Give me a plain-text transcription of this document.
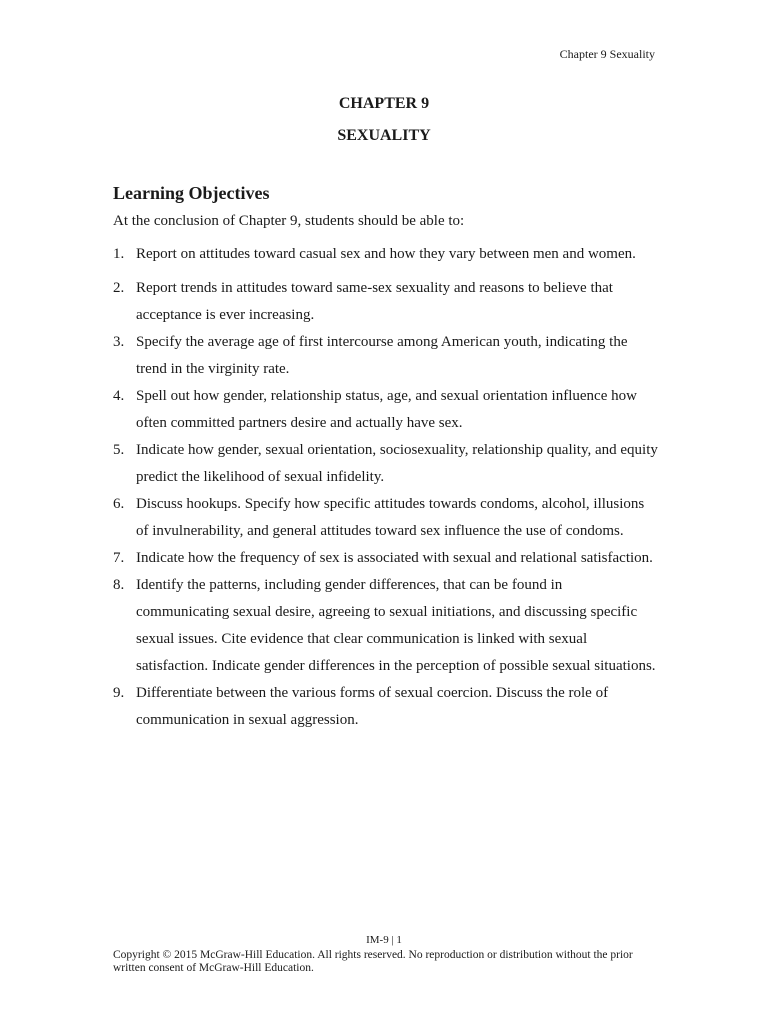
Chapter 9 Sexuality
CHAPTER 9
SEXUALITY
Learning Objectives
At the conclusion of Chapter 9, students should be able to:
1. Report on attitudes toward casual sex and how they vary between men and women.
2. Report trends in attitudes toward same-sex sexuality and reasons to believe that acceptance is ever increasing.
3. Specify the average age of first intercourse among American youth, indicating the trend in the virginity rate.
4. Spell out how gender, relationship status, age, and sexual orientation influence how often committed partners desire and actually have sex.
5. Indicate how gender, sexual orientation, sociosexuality, relationship quality, and equity predict the likelihood of sexual infidelity.
6. Discuss hookups. Specify how specific attitudes towards condoms, alcohol, illusions of invulnerability, and general attitudes toward sex influence the use of condoms.
7. Indicate how the frequency of sex is associated with sexual and relational satisfaction.
8. Identify the patterns, including gender differences, that can be found in communicating sexual desire, agreeing to sexual initiations, and discussing specific sexual issues. Cite evidence that clear communication is linked with sexual satisfaction. Indicate gender differences in the perception of possible sexual situations.
9. Differentiate between the various forms of sexual coercion. Discuss the role of communication in sexual aggression.
IM-9 | 1
Copyright © 2015 McGraw-Hill Education. All rights reserved. No reproduction or distribution without the prior written consent of McGraw-Hill Education.
